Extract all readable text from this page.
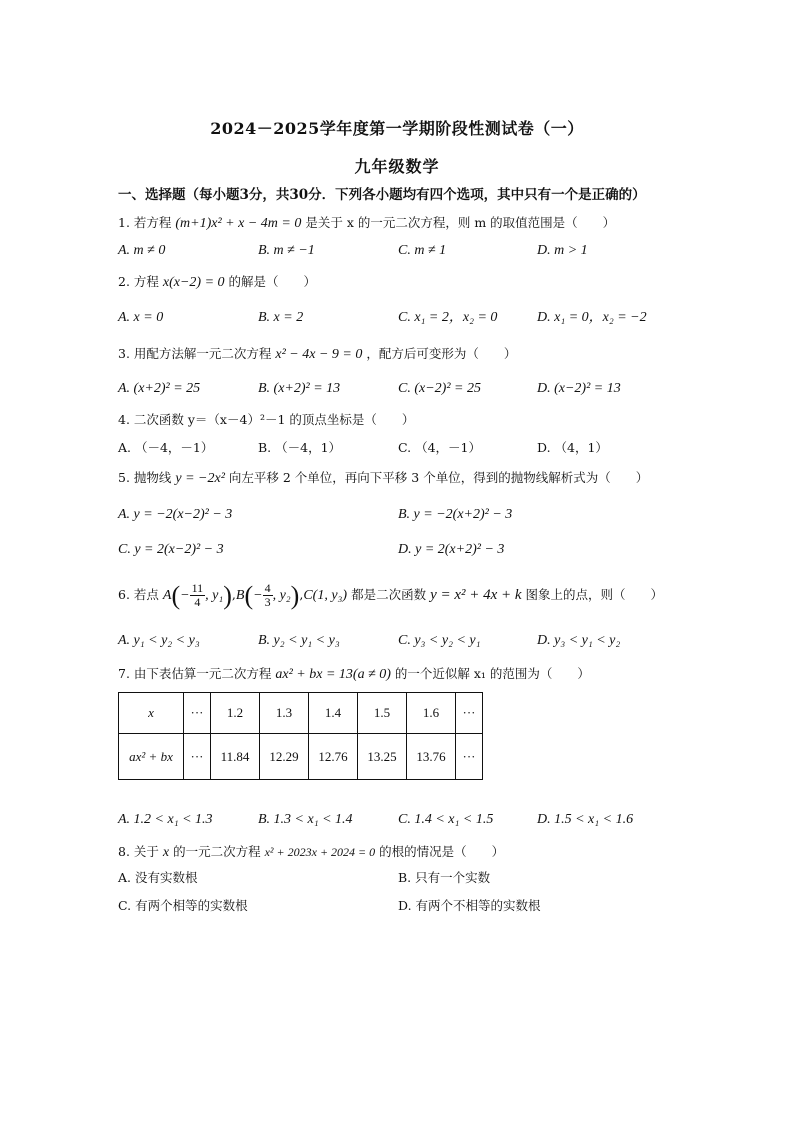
2024－2025学年度第一学期阶段性测试卷（一）
九年级数学
一、选择题（每小题3分，共30分．下列各小题均有四个选项，其中只有一个是正确的）
1. 若方程 (m+1)x² + x − 4m = 0 是关于 x 的一元二次方程，则 m 的取值范围是（　　）
A. m ≠ 0	B. m ≠ −1	C. m ≠ 1	D. m > 1
2. 方程 x(x−2) = 0 的解是（　　）
A. x = 0	B. x = 2	C. x₁ = 2，x₂ = 0	D. x₁ = 0，x₂ = −2
3. 用配方法解一元二次方程 x² − 4x − 9 = 0 ，配方后可变形为（　　）
A. (x+2)² = 25	B. (x+2)² = 13	C. (x−2)² = 25	D. (x−2)² = 13
4. 二次函数 y＝（x－4）²－1 的顶点坐标是（　　）
A. （－4，－1）	B. （－4，1）	C. （4，－1）	D. （4，1）
5. 抛物线 y = −2x² 向左平移 2 个单位，再向下平移 3 个单位，得到的抛物线解析式为（　　）
A. y = −2(x−2)² − 3	B. y = −2(x+2)² − 3
C. y = 2(x−2)² − 3	D. y = 2(x+2)² − 3
6. 若点 $A(- \frac{11}{4}$ , $y_1),B(- \frac{4}{3}$ , y₂),C(1, y₃) 都是二次函数 y = x² + 4x + k 图象上的点，则（　　）
A. y₁ < y₂ < y₃	B. y₂ < y₁ < y₃	C. y₃ < y₂ < y₁	D. y₃ < y₁ < y₂
7. 由下表估算一元二次方程 ax² + bx = 13(a ≠ 0) 的一个近似解 x₁ 的范围为（　　）
x	···	1.2	1.3	1.4	1.5	1.6	···
ax² + bx	···	11.84	12.29	12.76	13.25	13.76	···
A. 1.2 < x₁ < 1.3	B. 1.3 < x₁ < 1.4	C. 1.4 < x₁ < 1.5	D. 1.5 < x₁ < 1.6
8. 关于 x 的一元二次方程 x² + 2023x + 2024 = 0 的根的情况是（　　）
A. 没有实数根	B. 只有一个实数
C. 有两个相等的实数根	D. 有两个不相等的实数根
